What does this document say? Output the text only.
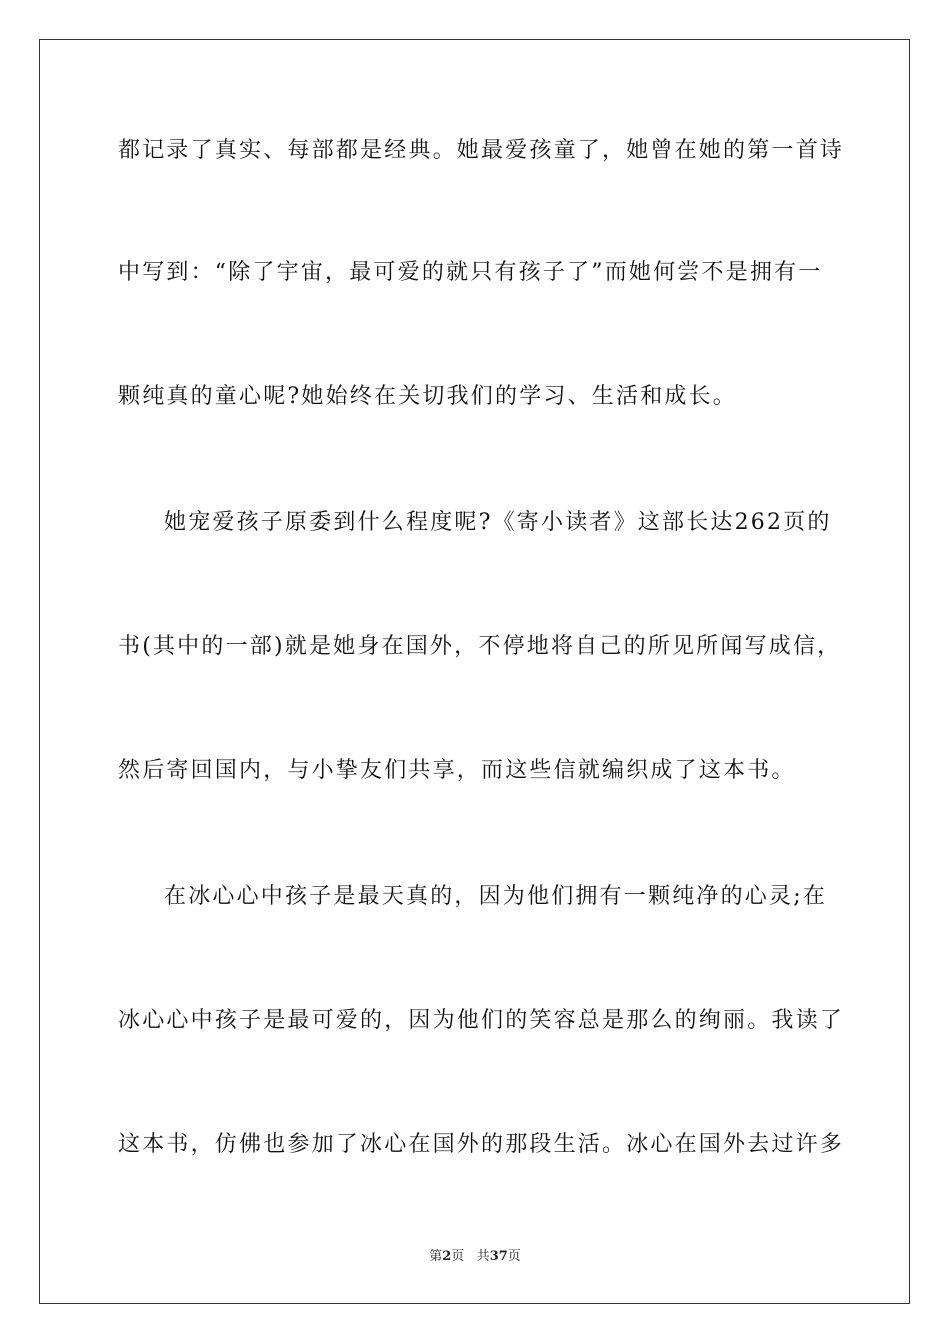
都记录了真实、每部都是经典。她最爱孩童了，她曾在她的第一首诗
中写到：“除了宇宙，最可爱的就只有孩子了”而她何尝不是拥有一
颗纯真的童心呢?她始终在关切我们的学习、生活和成长。
她宠爱孩子原委到什么程度呢?《寄小读者》这部长达262页的
书(其中的一部)就是她身在国外，不停地将自己的所见所闻写成信，
然后寄回国内，与小挚友们共享，而这些信就编织成了这本书。
在冰心心中孩子是最天真的，因为他们拥有一颗纯净的心灵;在
冰心心中孩子是最可爱的，因为他们的笑容总是那么的绚丽。我读了
这本书，仿佛也参加了冰心在国外的那段生活。冰心在国外去过许多
第2页 共37页
